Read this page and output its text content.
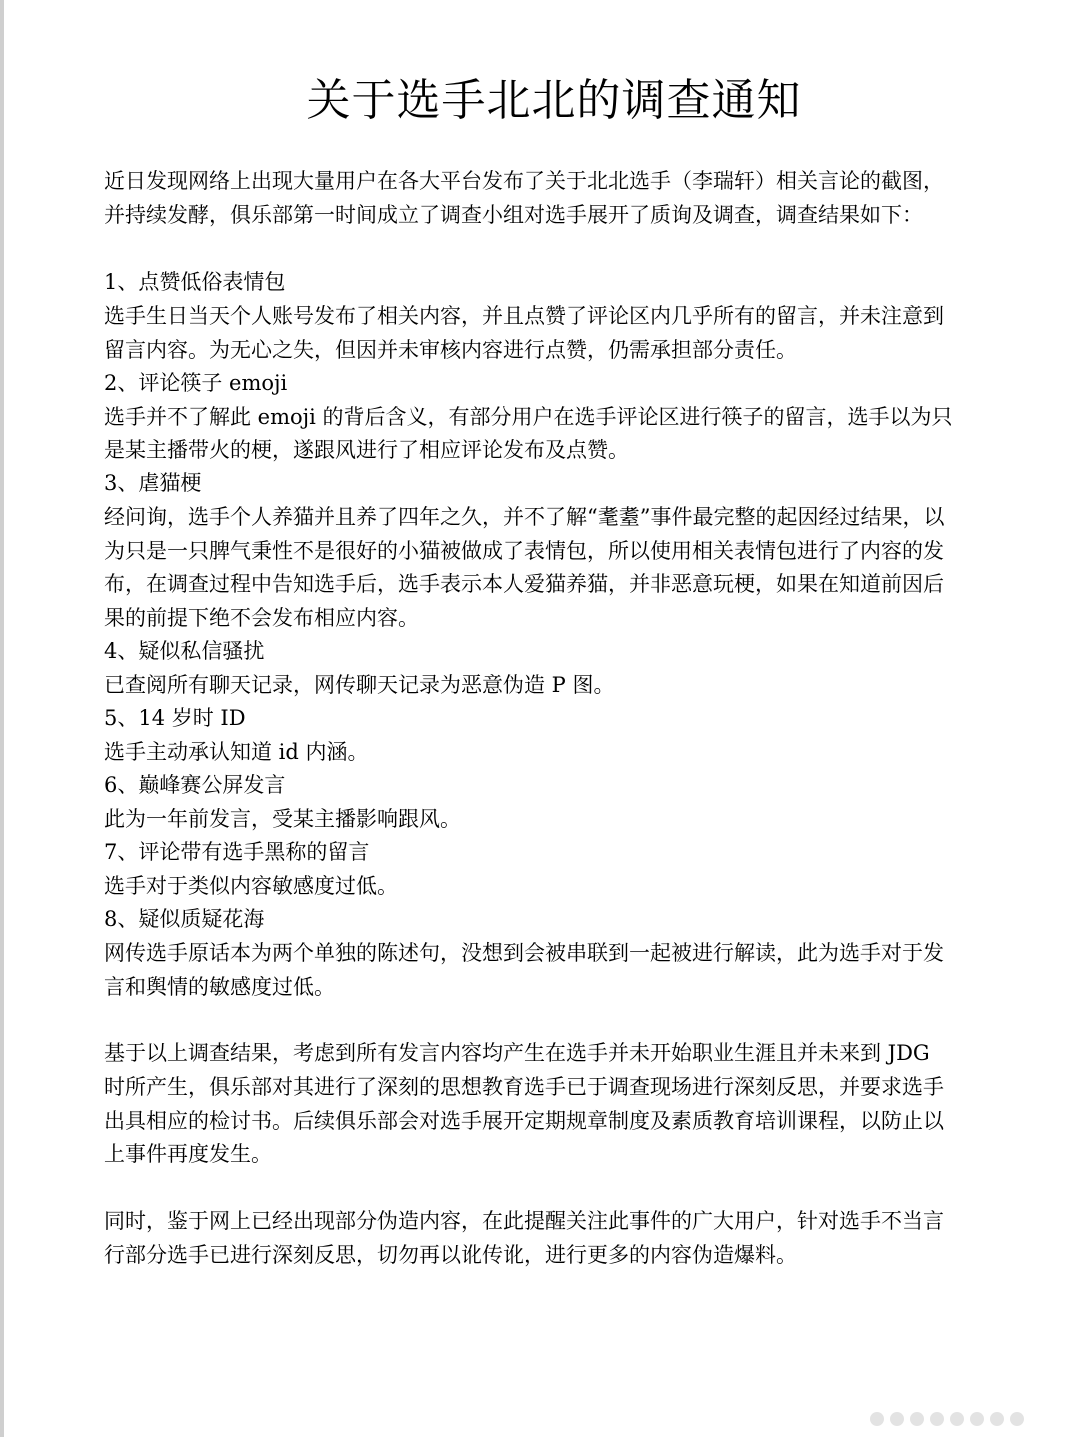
关于选手北北的调查通知
近日发现网络上出现大量用户在各大平台发布了关于北北选手（李瑞轩）相关言论的截图，
并持续发酵，俱乐部第一时间成立了调查小组对选手展开了质询及调查，调查结果如下：
1、点赞低俗表情包
选手生日当天个人账号发布了相关内容，并且点赞了评论区内几乎所有的留言，并未注意到
留言内容。为无心之失，但因并未审核内容进行点赞，仍需承担部分责任。
2、评论筷子 emoji
选手并不了解此 emoji 的背后含义，有部分用户在选手评论区进行筷子的留言，选手以为只
是某主播带火的梗，遂跟风进行了相应评论发布及点赞。
3、虐猫梗
经问询，选手个人养猫并且养了四年之久，并不了解“耄耋”事件最完整的起因经过结果，以
为只是一只脾气秉性不是很好的小猫被做成了表情包，所以使用相关表情包进行了内容的发
布，在调查过程中告知选手后，选手表示本人爱猫养猫，并非恶意玩梗，如果在知道前因后
果的前提下绝不会发布相应内容。
4、疑似私信骚扰
已查阅所有聊天记录，网传聊天记录为恶意伪造 P 图。
5、14 岁时 ID
选手主动承认知道 id 内涵。
6、巅峰赛公屏发言
此为一年前发言，受某主播影响跟风。
7、评论带有选手黑称的留言
选手对于类似内容敏感度过低。
8、疑似质疑花海
网传选手原话本为两个单独的陈述句，没想到会被串联到一起被进行解读，此为选手对于发
言和舆情的敏感度过低。
基于以上调查结果，考虑到所有发言内容均产生在选手并未开始职业生涯且并未来到 JDG
时所产生，俱乐部对其进行了深刻的思想教育选手已于调查现场进行深刻反思，并要求选手
出具相应的检讨书。后续俱乐部会对选手展开定期规章制度及素质教育培训课程，以防止以
上事件再度发生。
同时，鉴于网上已经出现部分伪造内容，在此提醒关注此事件的广大用户，针对选手不当言
行部分选手已进行深刻反思，切勿再以讹传讹，进行更多的内容伪造爆料。
